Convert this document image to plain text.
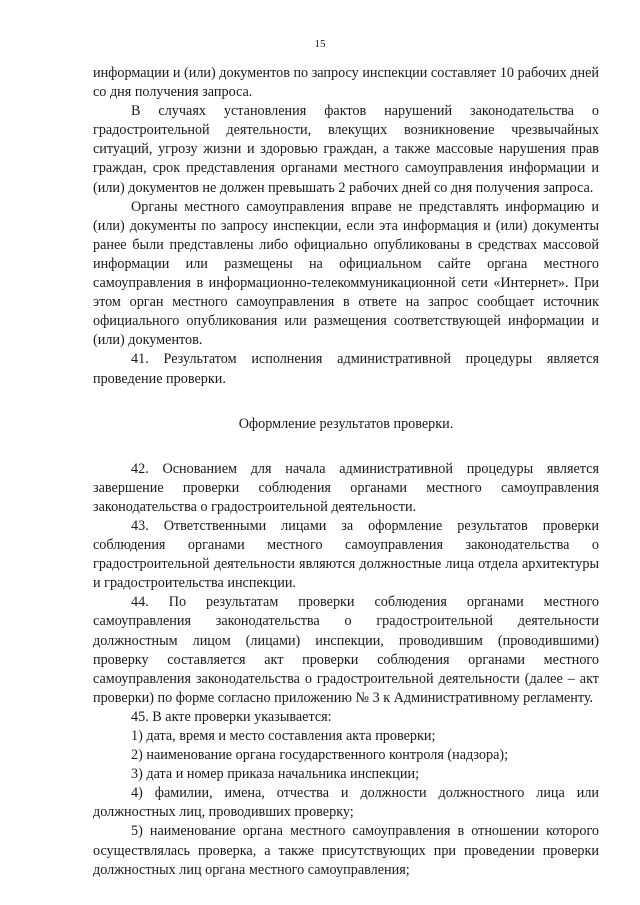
15

информации и (или) документов по запросу инспекции составляет 10 рабочих дней со дня получения запроса.

В случаях установления фактов нарушений законодательства о градостроительной деятельности, влекущих возникновение чрезвычайных ситуаций, угрозу жизни и здоровью граждан, а также массовые нарушения прав граждан, срок представления органами местного самоуправления информации и (или) документов не должен превышать 2 рабочих дней со дня получения запроса.

Органы местного самоуправления вправе не представлять информацию и (или) документы по запросу инспекции, если эта информация и (или) документы ранее были представлены либо официально опубликованы в средствах массовой информации или размещены на официальном сайте органа местного самоуправления в информационно-телекоммуникационной сети «Интернет». При этом орган местного самоуправления в ответе на запрос сообщает источник официального опубликования или размещения соответствующей информации и (или) документов.

41. Результатом исполнения административной процедуры является проведение проверки.

Оформление результатов проверки.

42. Основанием для начала административной процедуры является завершение проверки соблюдения органами местного самоуправления законодательства о градостроительной деятельности.

43. Ответственными лицами за оформление результатов проверки соблюдения органами местного самоуправления законодательства о градостроительной деятельности являются должностные лица отдела архитектуры и градостроительства инспекции.

44. По результатам проверки соблюдения органами местного самоуправления законодательства о градостроительной деятельности должностным лицом (лицами) инспекции, проводившим (проводившими) проверку составляется акт проверки соблюдения органами местного самоуправления законодательства о градостроительной деятельности (далее – акт проверки) по форме согласно приложению № 3 к Административному регламенту.

45. В акте проверки указывается:

1) дата, время и место составления акта проверки;

2) наименование органа государственного контроля (надзора);

3) дата и номер приказа начальника инспекции;

4) фамилии, имена, отчества и должности должностного лица или должностных лиц, проводивших проверку;

5) наименование органа местного самоуправления в отношении которого осуществлялась проверка, а также присутствующих при проведении проверки должностных лиц органа местного самоуправления;
